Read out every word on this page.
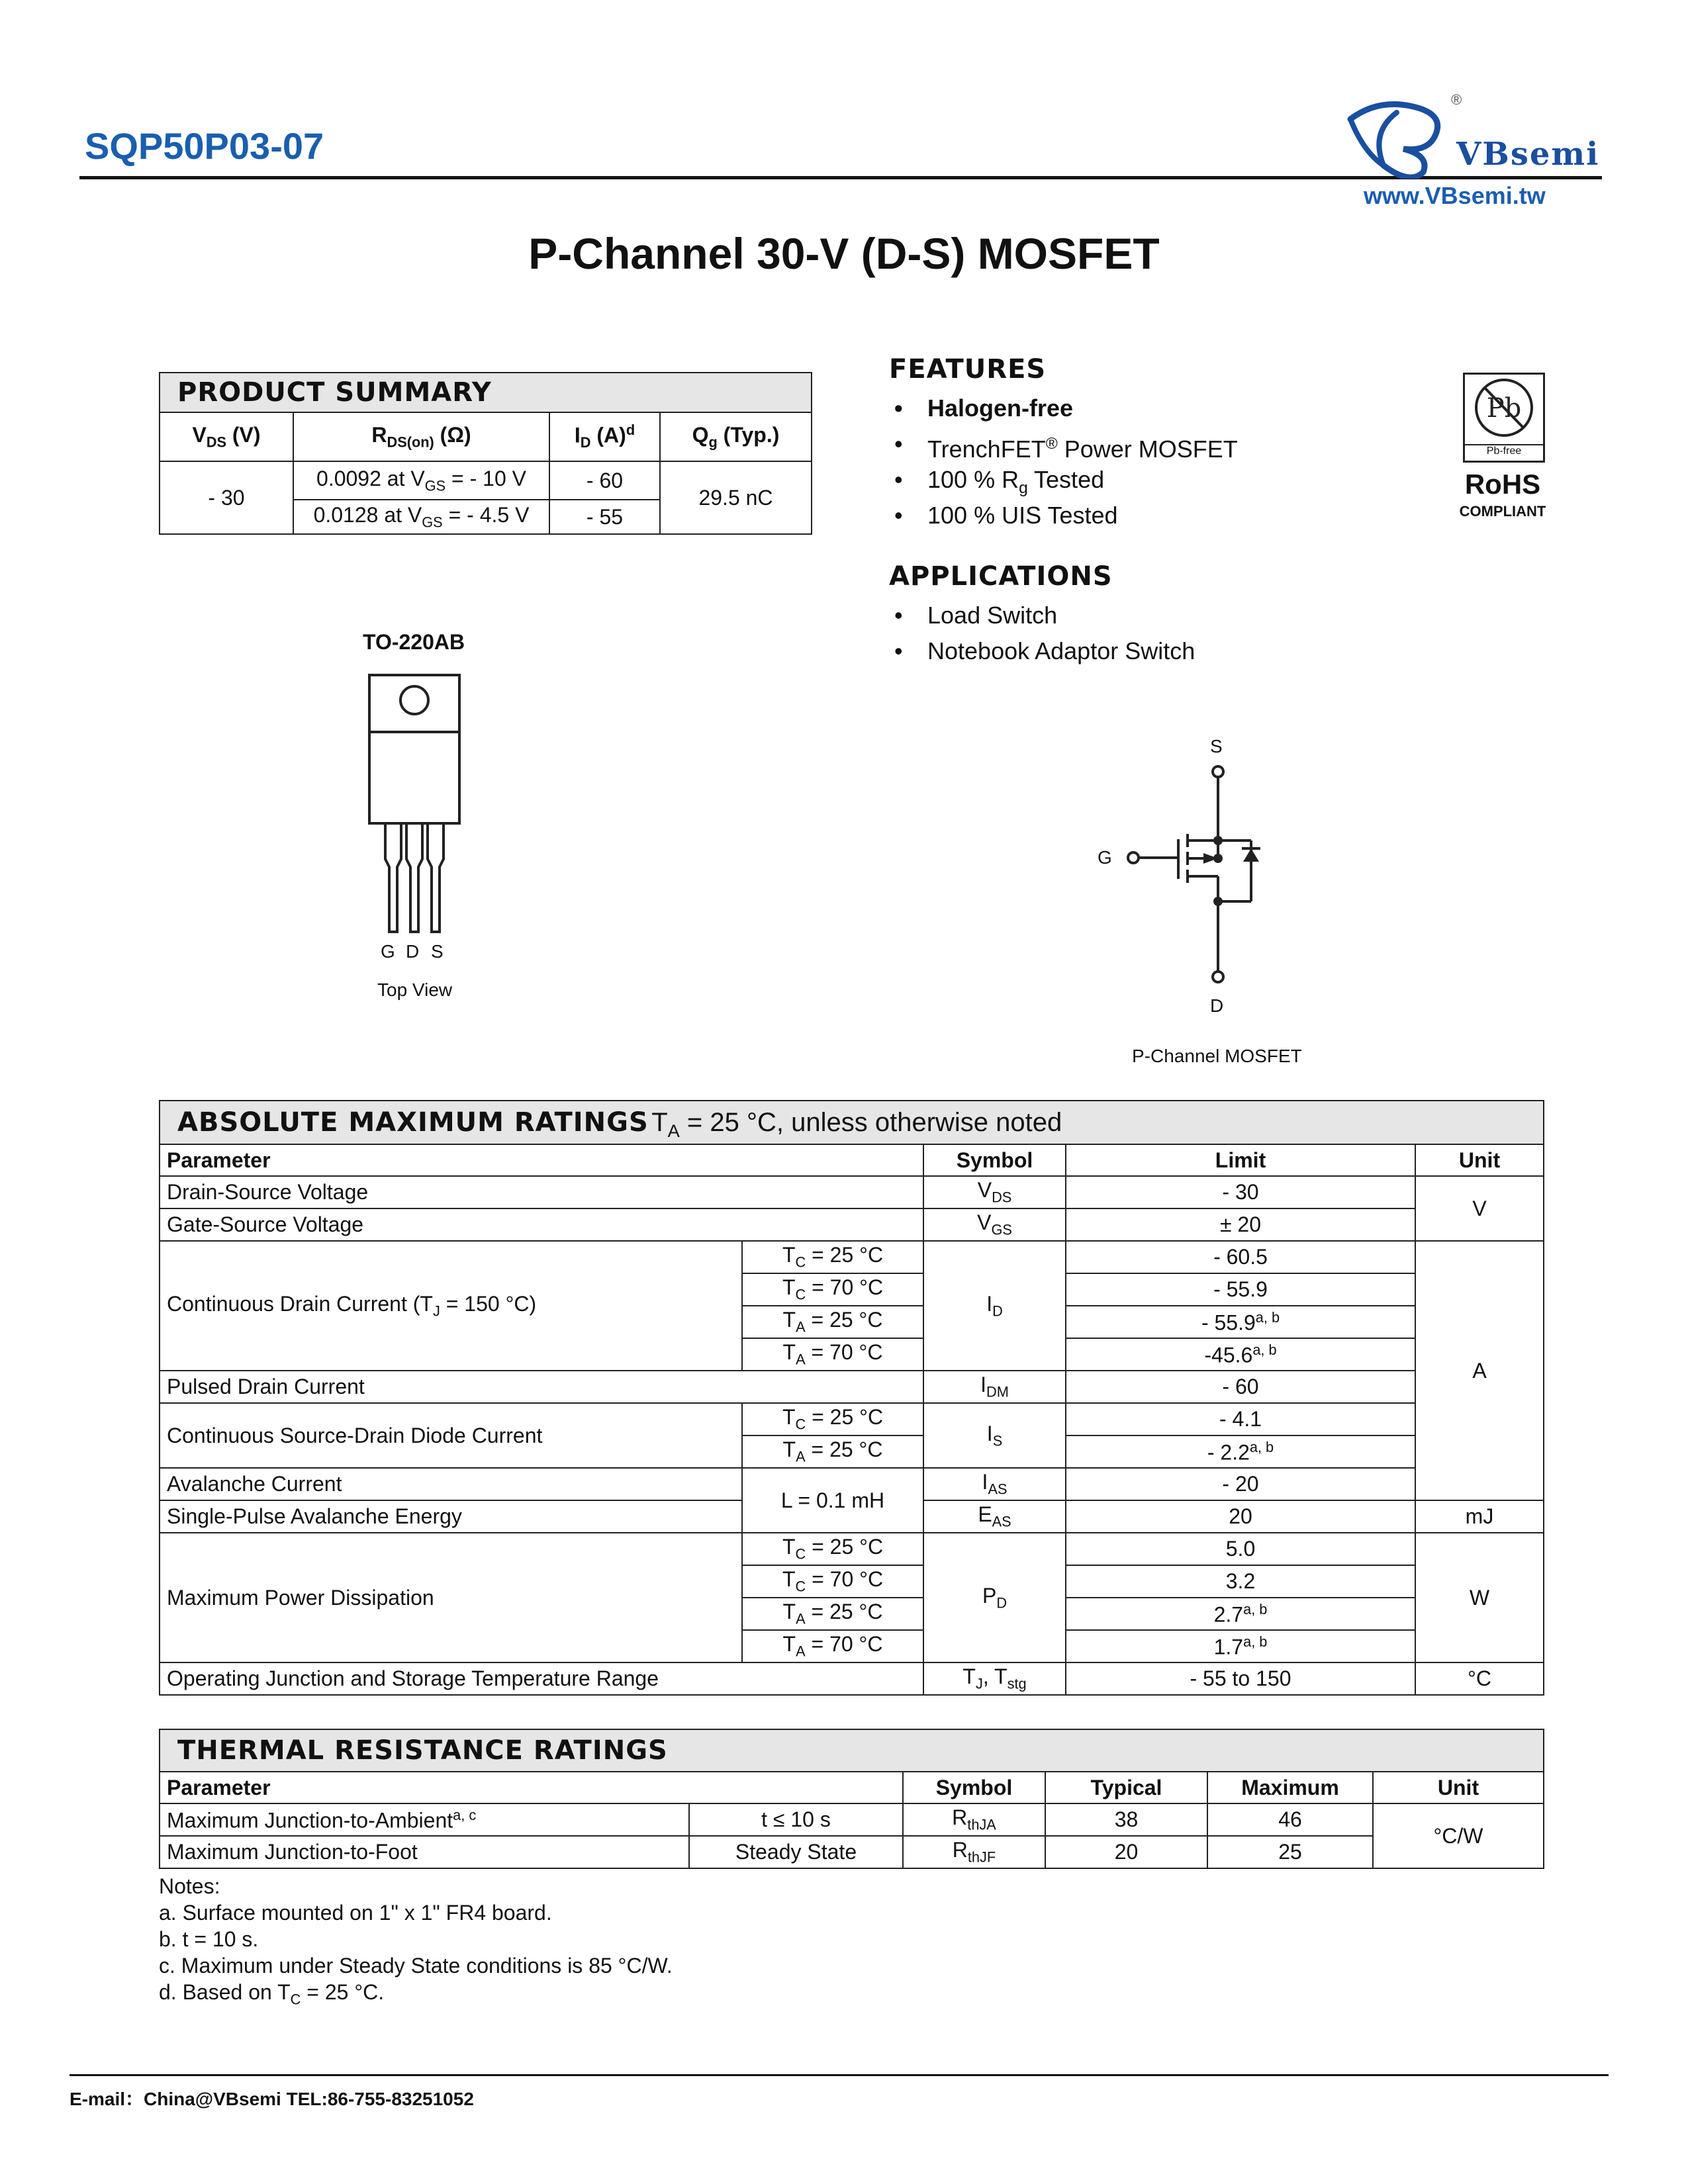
SQP50P03-07
®
VBsemi
www.VBsemi.tw
P-Channel 30-V (D-S) MOSFET
PRODUCT SUMMARY
$V_{DS}$ (V)	$R_{DS(on)}$ (Ω)	$I_D$ $(A)^d$	$Q_g$ (Typ.)
- 30	0.0092 at $V_{GS}$ = - 10 V	- 60	29.5 nC
	0.0128 at $V_{GS}$ = - 4.5 V	- 55	
FEATURES
• Halogen-free
• TrenchFET® Power MOSFET
• 100 % $R_g$ Tested
• 100 % UIS Tested
Pb
Pb-free
RoHS
COMPLIANT
APPLICATIONS
• Load Switch
• Notebook Adaptor Switch
TO-220AB
G D S
Top View
S
G
D
P-Channel MOSFET
ABSOLUTE MAXIMUM RATINGS $T_A = 25$ °C, unless otherwise noted
Parameter		Symbol	Limit	Unit
Drain-Source Voltage		$V_{DS}$	- 30	V
Gate-Source Voltage		$V_{GS}$	± 20	
Continuous Drain Current ($T_J = 150$ °C)	$T_C = 25$ °C	$I_D$	- 60.5	A
	$T_C = 70$ °C		- 55.9	
	$T_A = 25$ °C		- 55.9$^{a, b}$
	$T_A = 70$ °C		-45.6$^{a, b}$
Pulsed Drain Current		$I_{DM}$	- 60	
Continuous Source-Drain Diode Current	$T_C = 25$ °C	$I_S$	- 4.1	
	$T_A = 25$ °C		- 2.2$^{a, b}$
Avalanche Current	L = 0.1 mH	$I_{AS}$	- 20	
Single-Pulse Avalanche Energy		$E_{AS}$	20	mJ
Maximum Power Dissipation	$T_C = 25$ °C	$P_D$	5.0	W
	$T_C = 70$ °C		3.2	
	$T_A = 25$ °C		2.7$^{a, b}$
	$T_A = 70$ °C		1.7$^{a, b}$
Operating Junction and Storage Temperature Range		$T_J$, $T_{stg}$	- 55 to 150	°C
THERMAL RESISTANCE RATINGS
Parameter		Symbol	Typical	Maximum	Unit
Maximum Junction-to-Ambient$^{a, c}$	t ≤ 10 s	$R_{thJA}$	38	46	°C/W
Maximum Junction-to-Foot	Steady State	$R_{thJF}$	20	25	
Notes:
a. Surface mounted on 1" x 1" FR4 board.
b. t = 10 s.
c. Maximum under Steady State conditions is 85 °C/W.
d. Based on $T_C = 25$ °C.
E-mail：China@VBsemi TEL:86-755-83251052
